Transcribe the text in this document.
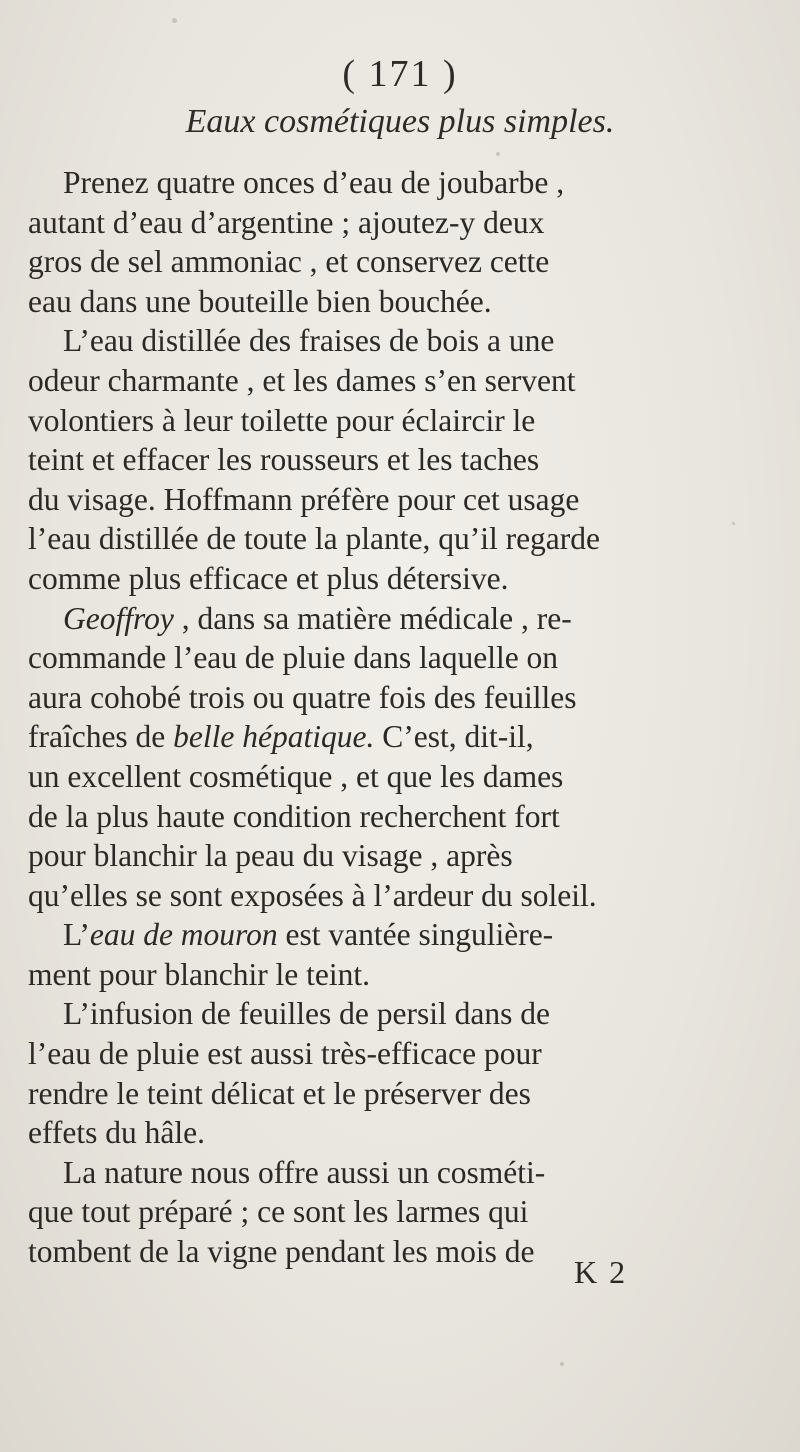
( 171 )
Eaux cosmétiques plus simples.

Prenez quatre onces d’eau de joubarbe ,
autant d’eau d’argentine ; ajoutez-y deux
gros de sel ammoniac , et conservez cette
eau dans une bouteille bien bouchée.

L’eau distillée des fraises de bois a une
odeur charmante , et les dames s’en servent
volontiers à leur toilette pour éclaircir le
teint et effacer les rousseurs et les taches
du visage. Hoffmann préfère pour cet usage
l’eau distillée de toute la plante, qu’il regarde
comme plus efficace et plus détersive.

Geoffroy , dans sa matière médicale , re-
commande l’eau de pluie dans laquelle on
aura cohobé trois ou quatre fois des feuilles
fraîches de belle hépatique. C’est, dit-il,
un excellent cosmétique , et que les dames
de la plus haute condition recherchent fort
pour blanchir la peau du visage , après
qu’elles se sont exposées à l’ardeur du soleil.

L’eau de mouron est vantée singulière-
ment pour blanchir le teint.

L’infusion de feuilles de persil dans de
l’eau de pluie est aussi très-efficace pour
rendre le teint délicat et le préserver des
effets du hâle.

La nature nous offre aussi un cosméti-
que tout préparé ; ce sont les larmes qui
tombent de la vigne pendant les mois de

K 2
